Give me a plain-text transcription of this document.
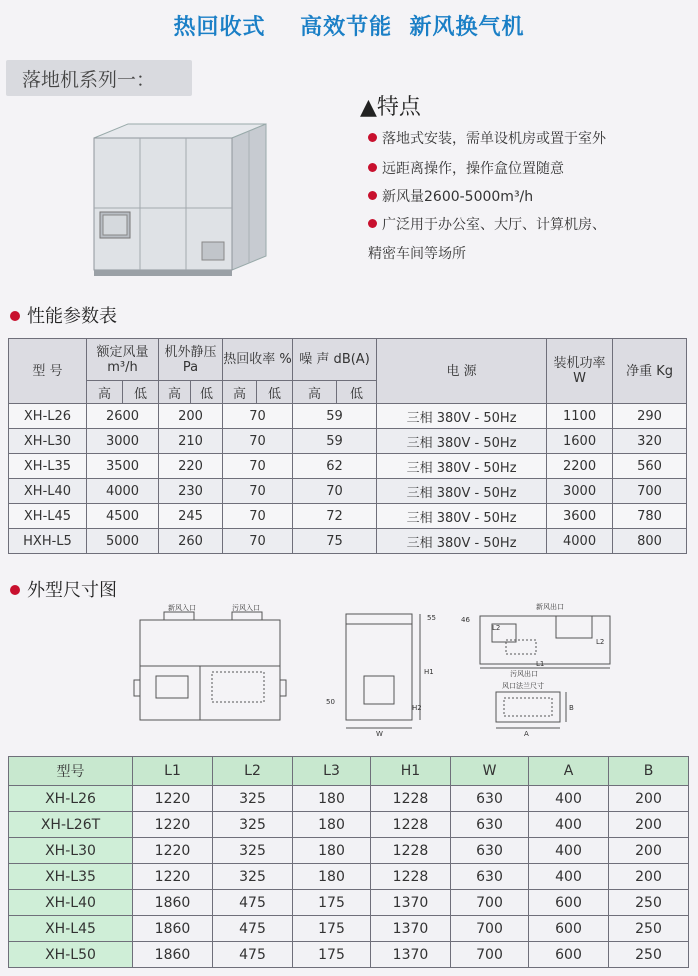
热回收式    高效节能  新风换气机
落地机系列一：
▲特点
落地式安装，需单设机房或置于室外
远距离操作，操作盒位置随意
新风量2600-5000m³/h
广泛用于办公室、大厅、计算机房、
精密车间等场所
性能参数表
型 号	额定风量 m³/h		机外静压 Pa		热回收率 %		噪 声 dB(A)		电 源	装机功率 W	净重 Kg
	高	低	高	低	高	低	高	低			
XH-L26	2600		200		70		59		三相 380V - 50Hz	1100	290
XH-L30	3000		210		70		59		三相 380V - 50Hz	1600	320
XH-L35	3500		220		70		62		三相 380V - 50Hz	2200	560
XH-L40	4000		230		70		70		三相 380V - 50Hz	3000	700
XH-L45	4500		245		70		72		三相 380V - 50Hz	3600	780
HXH-L5	5000		260		70		75		三相 380V - 50Hz	4000	800
外型尺寸图
新风入口	污风入口
55
H1
H2
50
W
新风出口
46
L2
L2
L1
污风出口
风口法兰尺寸
A
B
型号	L1	L2	L3	H1	W	A	B
XH-L26	1220	325	180	1228	630	400	200
XH-L26T	1220	325	180	1228	630	400	200
XH-L30	1220	325	180	1228	630	400	200
XH-L35	1220	325	180	1228	630	400	200
XH-L40	1860	475	175	1370	700	600	250
XH-L45	1860	475	175	1370	700	600	250
XH-L50	1860	475	175	1370	700	600	250
